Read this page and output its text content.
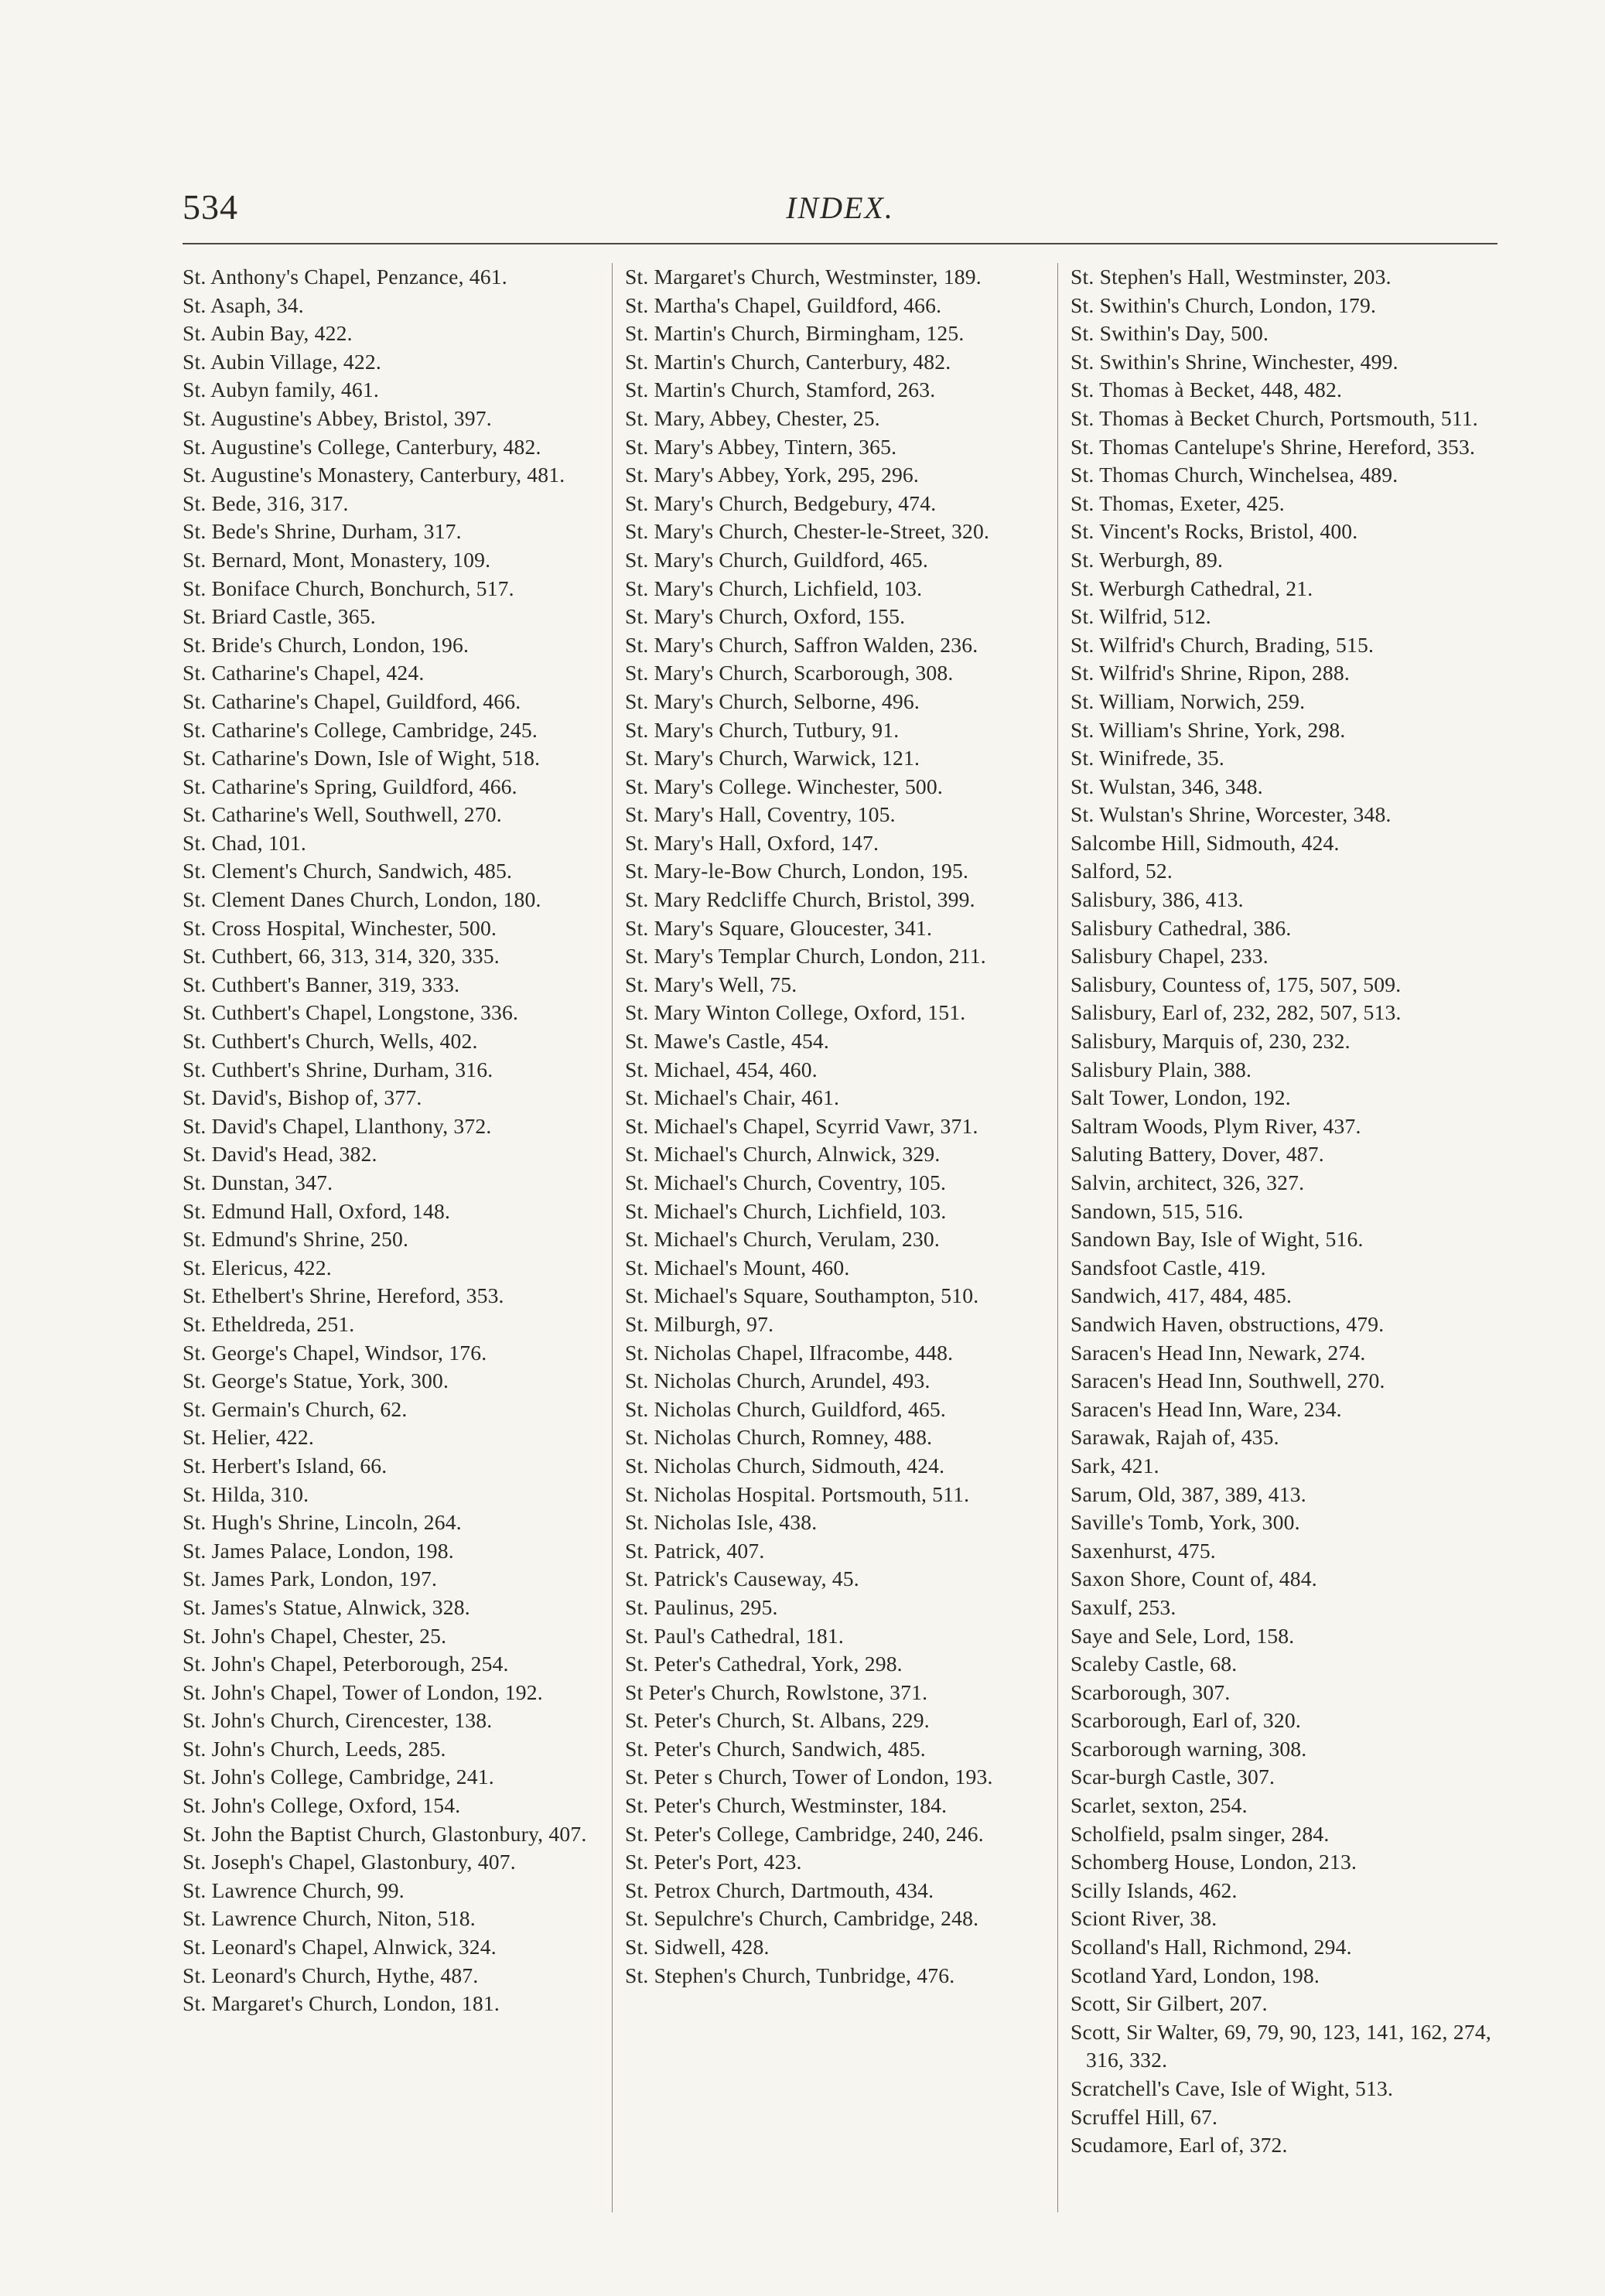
534	INDEX.

St. Anthony's Chapel, Penzance, 461.

St. Asaph, 34.

St. Aubin Bay, 422.

St. Aubin Village, 422.

St. Aubyn family, 461.

St. Augustine's Abbey, Bristol, 397.

St. Augustine's College, Canterbury, 482.

St. Augustine's Monastery, Canterbury, 481.

St. Bede, 316, 317.

St. Bede's Shrine, Durham, 317.

St. Bernard, Mont, Monastery, 109.

St. Boniface Church, Bonchurch, 517.

St. Briard Castle, 365.

St. Bride's Church, London, 196.

St. Catharine's Chapel, 424.

St. Catharine's Chapel, Guildford, 466.

St. Catharine's College, Cambridge, 245.

St. Catharine's Down, Isle of Wight, 518.

St. Catharine's Spring, Guildford, 466.

St. Catharine's Well, Southwell, 270.

St. Chad, 101.

St. Clement's Church, Sandwich, 485.

St. Clement Danes Church, London, 180.

St. Cross Hospital, Winchester, 500.

St. Cuthbert, 66, 313, 314, 320, 335.

St. Cuthbert's Banner, 319, 333.

St. Cuthbert's Chapel, Longstone, 336.

St. Cuthbert's Church, Wells, 402.

St. Cuthbert's Shrine, Durham, 316.

St. David's, Bishop of, 377.

St. David's Chapel, Llanthony, 372.

St. David's Head, 382.

St. Dunstan, 347.

St. Edmund Hall, Oxford, 148.

St. Edmund's Shrine, 250.

St. Elericus, 422.

St. Ethelbert's Shrine, Hereford, 353.

St. Etheldreda, 251.

St. George's Chapel, Windsor, 176.

St. George's Statue, York, 300.

St. Germain's Church, 62.

St. Helier, 422.

St. Herbert's Island, 66.

St. Hilda, 310.

St. Hugh's Shrine, Lincoln, 264.

St. James Palace, London, 198.

St. James Park, London, 197.

St. James's Statue, Alnwick, 328.

St. John's Chapel, Chester, 25.

St. John's Chapel, Peterborough, 254.

St. John's Chapel, Tower of London, 192.

St. John's Church, Cirencester, 138.

St. John's Church, Leeds, 285.

St. John's College, Cambridge, 241.

St. John's College, Oxford, 154.

St. John the Baptist Church, Glastonbury, 407.

St. Joseph's Chapel, Glastonbury, 407.

St. Lawrence Church, 99.

St. Lawrence Church, Niton, 518.

St. Leonard's Chapel, Alnwick, 324.

St. Leonard's Church, Hythe, 487.

St. Margaret's Church, London, 181.

St. Margaret's Church, Westminster, 189.

St. Martha's Chapel, Guildford, 466.

St. Martin's Church, Birmingham, 125.

St. Martin's Church, Canterbury, 482.

St. Martin's Church, Stamford, 263.

St. Mary, Abbey, Chester, 25.

St. Mary's Abbey, Tintern, 365.

St. Mary's Abbey, York, 295, 296.

St. Mary's Church, Bedgebury, 474.

St. Mary's Church, Chester-le-Street, 320.

St. Mary's Church, Guildford, 465.

St. Mary's Church, Lichfield, 103.

St. Mary's Church, Oxford, 155.

St. Mary's Church, Saffron Walden, 236.

St. Mary's Church, Scarborough, 308.

St. Mary's Church, Selborne, 496.

St. Mary's Church, Tutbury, 91.

St. Mary's Church, Warwick, 121.

St. Mary's College. Winchester, 500.

St. Mary's Hall, Coventry, 105.

St. Mary's Hall, Oxford, 147.

St. Mary-le-Bow Church, London, 195.

St. Mary Redcliffe Church, Bristol, 399.

St. Mary's Square, Gloucester, 341.

St. Mary's Templar Church, London, 211.

St. Mary's Well, 75.

St. Mary Winton College, Oxford, 151.

St. Mawe's Castle, 454.

St. Michael, 454, 460.

St. Michael's Chair, 461.

St. Michael's Chapel, Scyrrid Vawr, 371.

St. Michael's Church, Alnwick, 329.

St. Michael's Church, Coventry, 105.

St. Michael's Church, Lichfield, 103.

St. Michael's Church, Verulam, 230.

St. Michael's Mount, 460.

St. Michael's Square, Southampton, 510.

St. Milburgh, 97.

St. Nicholas Chapel, Ilfracombe, 448.

St. Nicholas Church, Arundel, 493.

St. Nicholas Church, Guildford, 465.

St. Nicholas Church, Romney, 488.

St. Nicholas Church, Sidmouth, 424.

St. Nicholas Hospital. Portsmouth, 511.

St. Nicholas Isle, 438.

St. Patrick, 407.

St. Patrick's Causeway, 45.

St. Paulinus, 295.

St. Paul's Cathedral, 181.

St. Peter's Cathedral, York, 298.

St Peter's Church, Rowlstone, 371.

St. Peter's Church, St. Albans, 229.

St. Peter's Church, Sandwich, 485.

St. Peter s Church, Tower of London, 193.

St. Peter's Church, Westminster, 184.

St. Peter's College, Cambridge, 240, 246.

St. Peter's Port, 423.

St. Petrox Church, Dartmouth, 434.

St. Sepulchre's Church, Cambridge, 248.

St. Sidwell, 428.

St. Stephen's Church, Tunbridge, 476.

St. Stephen's Hall, Westminster, 203.

St. Swithin's Church, London, 179.

St. Swithin's Day, 500.

St. Swithin's Shrine, Winchester, 499.

St. Thomas à Becket, 448, 482.

St. Thomas à Becket Church, Portsmouth, 511.

St. Thomas Cantelupe's Shrine, Hereford, 353.

St. Thomas Church, Winchelsea, 489.

St. Thomas, Exeter, 425.

St. Vincent's Rocks, Bristol, 400.

St. Werburgh, 89.

St. Werburgh Cathedral, 21.

St. Wilfrid, 512.

St. Wilfrid's Church, Brading, 515.

St. Wilfrid's Shrine, Ripon, 288.

St. William, Norwich, 259.

St. William's Shrine, York, 298.

St. Winifrede, 35.

St. Wulstan, 346, 348.

St. Wulstan's Shrine, Worcester, 348.

Salcombe Hill, Sidmouth, 424.

Salford, 52.

Salisbury, 386, 413.

Salisbury Cathedral, 386.

Salisbury Chapel, 233.

Salisbury, Countess of, 175, 507, 509.

Salisbury, Earl of, 232, 282, 507, 513.

Salisbury, Marquis of, 230, 232.

Salisbury Plain, 388.

Salt Tower, London, 192.

Saltram Woods, Plym River, 437.

Saluting Battery, Dover, 487.

Salvin, architect, 326, 327.

Sandown, 515, 516.

Sandown Bay, Isle of Wight, 516.

Sandsfoot Castle, 419.

Sandwich, 417, 484, 485.

Sandwich Haven, obstructions, 479.

Saracen's Head Inn, Newark, 274.

Saracen's Head Inn, Southwell, 270.

Saracen's Head Inn, Ware, 234.

Sarawak, Rajah of, 435.

Sark, 421.

Sarum, Old, 387, 389, 413.

Saville's Tomb, York, 300.

Saxenhurst, 475.

Saxon Shore, Count of, 484.

Saxulf, 253.

Saye and Sele, Lord, 158.

Scaleby Castle, 68.

Scarborough, 307.

Scarborough, Earl of, 320.

Scarborough warning, 308.

Scar-burgh Castle, 307.

Scarlet, sexton, 254.

Scholfield, psalm singer, 284.

Schomberg House, London, 213.

Scilly Islands, 462.

Sciont River, 38.

Scolland's Hall, Richmond, 294.

Scotland Yard, London, 198.

Scott, Sir Gilbert, 207.

Scott, Sir Walter, 69, 79, 90, 123, 141, 162, 274, 316, 332.

Scratchell's Cave, Isle of Wight, 513.

Scruffel Hill, 67.

Scudamore, Earl of, 372.
